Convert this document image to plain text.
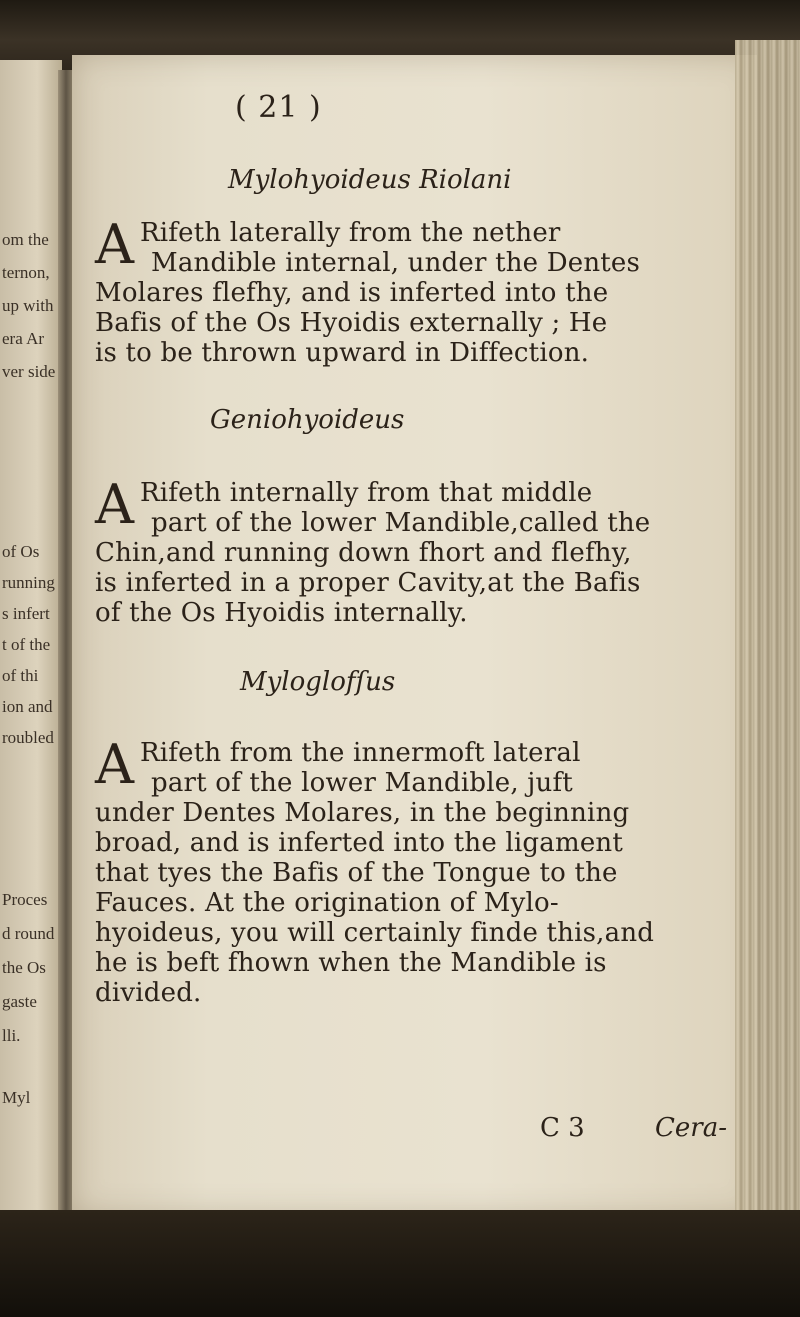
om the
ternon,
up with
era Ar
ver side
of Os
running
s infert
t of the
of thi
ion and
roubled
Proces
d round
the Os
gaste
lli.
Myl
( 21 )
Mylohyoideus Riolani
A Rifeth laterally from the nether
Mandible internal, under the Dentes
Molares flefhy, and is inferted into the
Bafis of the Os Hyoidis externally ; He
is to be thrown upward in Diffection.
Geniohyoideus
A Rifeth internally from that middle
part of the lower Mandible,called the
Chin,and running down fhort and flefhy,
is inferted in a proper Cavity,at the Bafis
of the Os Hyoidis internally.
Myloglofſus
A Rifeth from the innermoft lateral
part of the lower Mandible, juft
under Dentes Molares, in the beginning
broad, and is inferted into the ligament
that tyes the Bafis of the Tongue to the
Fauces. At the origination of Mylo-
hyoideus, you will certainly finde this,and
he is beft fhown when the Mandible is
divided.
C 3	Cera-
